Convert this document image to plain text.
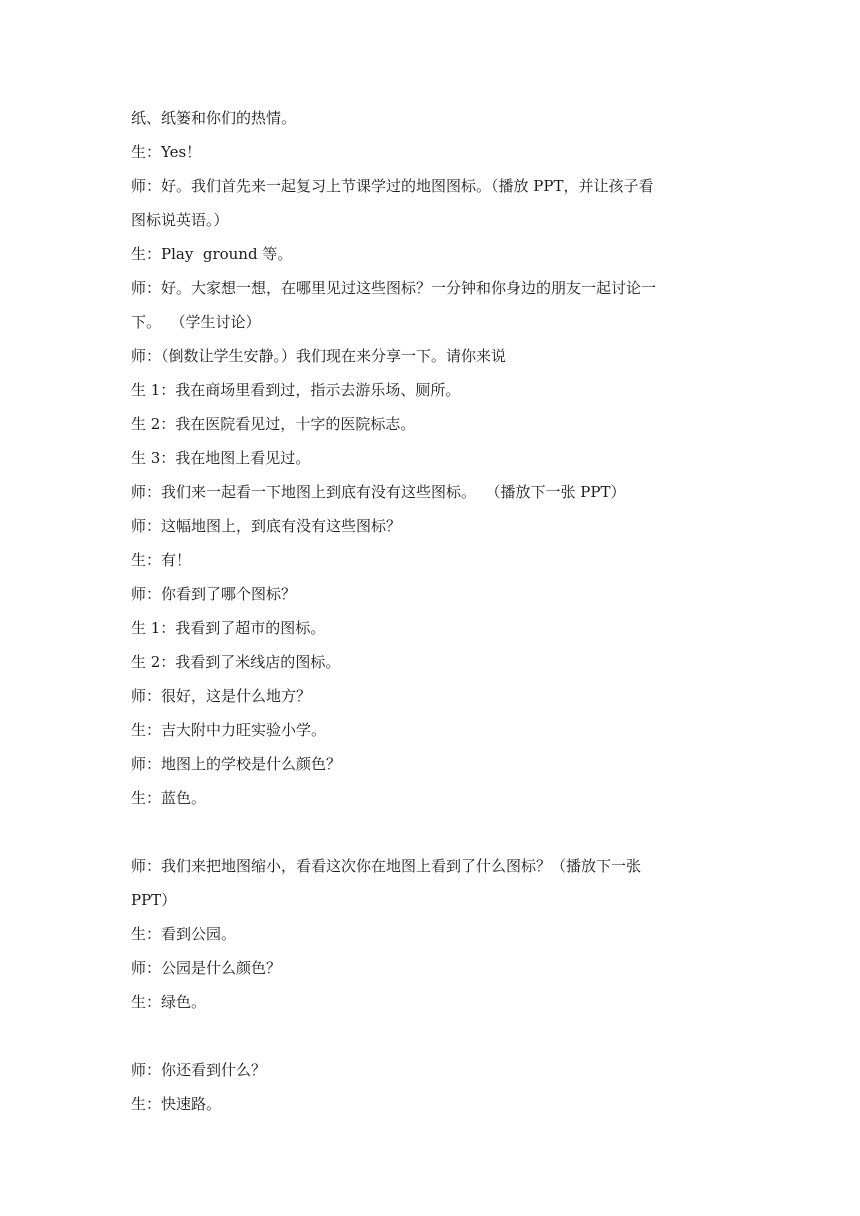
纸、纸篓和你们的热情。
生：Yes！
师：好。我们首先来一起复习上节课学过的地图图标。（播放 PPT，并让孩子看
图标说英语。）
生：Play  ground 等。
师：好。大家想一想，在哪里见过这些图标？一分钟和你身边的朋友一起讨论一
下。  （学生讨论）
师：（倒数让学生安静。）我们现在来分享一下。请你来说
生 1：我在商场里看到过，指示去游乐场、厕所。
生 2：我在医院看见过，十字的医院标志。
生 3：我在地图上看见过。
师：我们来一起看一下地图上到底有没有这些图标。  （播放下一张 PPT）
师：这幅地图上，到底有没有这些图标？
生：有！
师：你看到了哪个图标？
生 1：我看到了超市的图标。
生 2：我看到了米线店的图标。
师：很好，这是什么地方？
生：吉大附中力旺实验小学。
师：地图上的学校是什么颜色？
生：蓝色。
师：我们来把地图缩小，看看这次你在地图上看到了什么图标？（播放下一张
PPT）
生：看到公园。
师：公园是什么颜色？
生：绿色。
师：你还看到什么？
生：快速路。
